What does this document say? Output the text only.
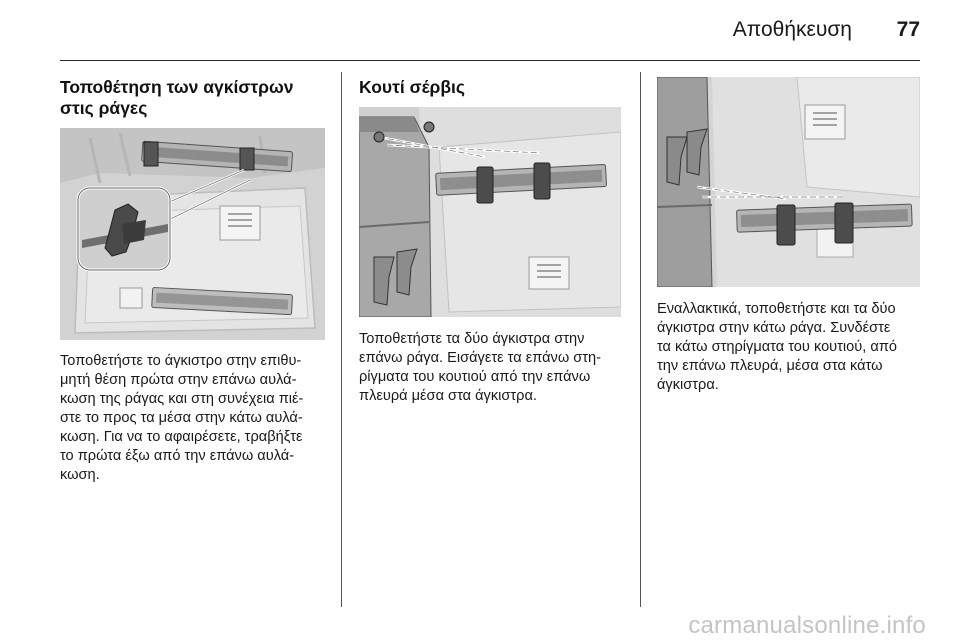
Αποθήκευση 77
Τοποθέτηση των αγκίστρων
στις ράγες
Τοποθετήστε το άγκιστρο στην επιθυ-
μητή θέση πρώτα στην επάνω αυλά-
κωση της ράγας και στη συνέχεια πιέ-
στε το προς τα μέσα στην κάτω αυλά-
κωση. Για να το αφαιρέσετε, τραβήξτε
το πρώτα έξω από την επάνω αυλά-
κωση.
Κουτί σέρβις
Τοποθετήστε τα δύο άγκιστρα στην
επάνω ράγα. Εισάγετε τα επάνω στη-
ρίγματα του κουτιού από την επάνω
πλευρά μέσα στα άγκιστρα.
Εναλλακτικά, τοποθετήστε και τα δύο
άγκιστρα στην κάτω ράγα. Συνδέστε
τα κάτω στηρίγματα του κουτιού, από
την επάνω πλευρά, μέσα στα κάτω
άγκιστρα.
carmanualsonline.info
